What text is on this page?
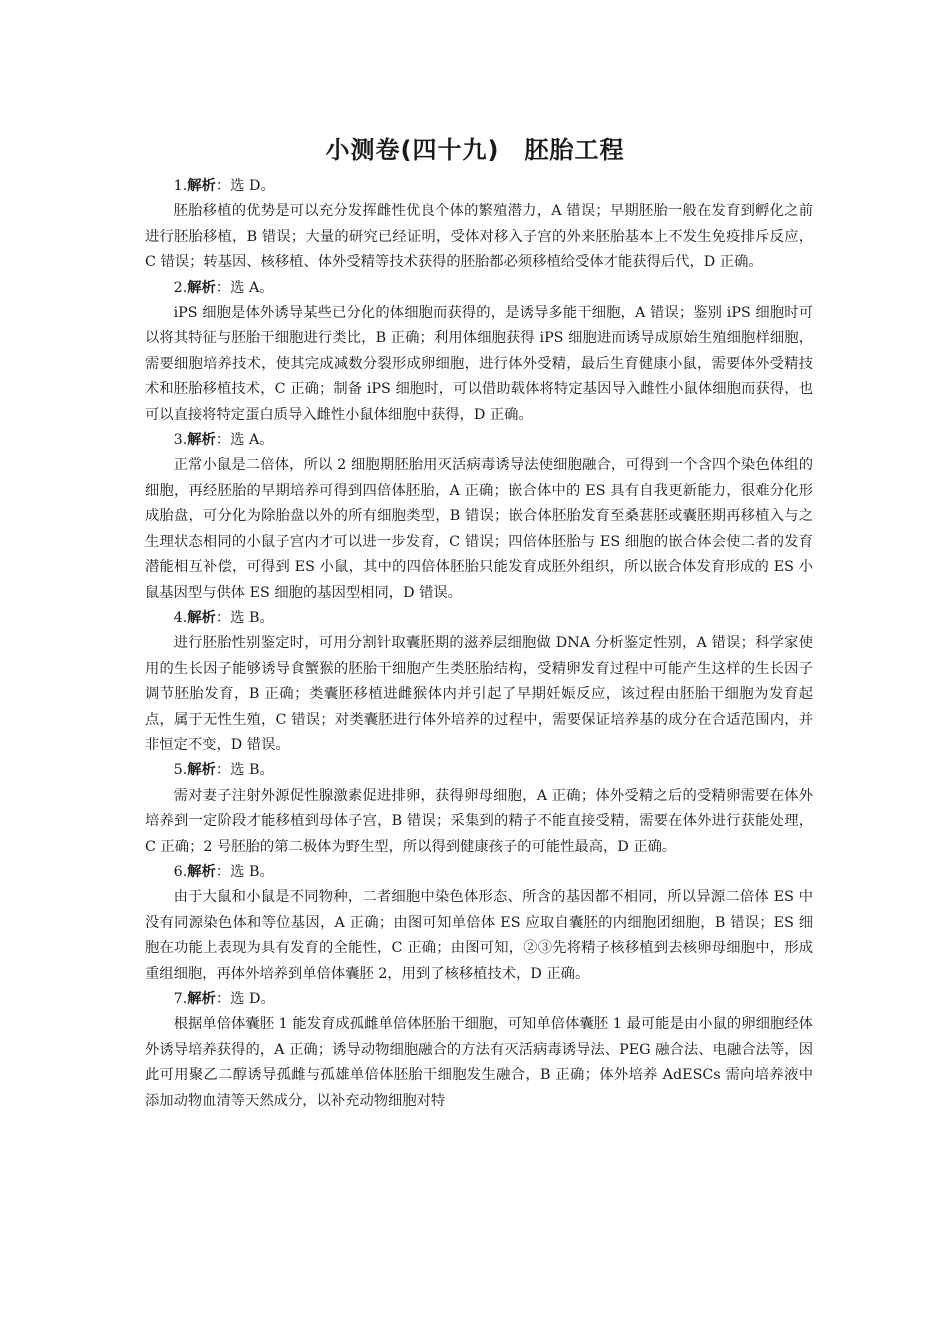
小测卷(四十九)　胚胎工程

1.解析：选 D。

胚胎移植的优势是可以充分发挥雌性优良个体的繁殖潜力，A 错误；早期胚胎一般在发育到孵化之前进行胚胎移植，B 错误；大量的研究已经证明，受体对移入子宫的外来胚胎基本上不发生免疫排斥反应，C 错误；转基因、核移植、体外受精等技术获得的胚胎都必须移植给受体才能获得后代，D 正确。

2.解析：选 A。

iPS 细胞是体外诱导某些已分化的体细胞而获得的，是诱导多能干细胞，A 错误；鉴别 iPS 细胞时可以将其特征与胚胎干细胞进行类比，B 正确；利用体细胞获得 iPS 细胞进而诱导成原始生殖细胞样细胞，需要细胞培养技术，使其完成减数分裂形成卵细胞，进行体外受精，最后生育健康小鼠，需要体外受精技术和胚胎移植技术，C 正确；制备 iPS 细胞时，可以借助载体将特定基因导入雌性小鼠体细胞而获得，也可以直接将特定蛋白质导入雌性小鼠体细胞中获得，D 正确。

3.解析：选 A。

正常小鼠是二倍体，所以 2 细胞期胚胎用灭活病毒诱导法使细胞融合，可得到一个含四个染色体组的细胞，再经胚胎的早期培养可得到四倍体胚胎，A 正确；嵌合体中的 ES 具有自我更新能力，很难分化形成胎盘，可分化为除胎盘以外的所有细胞类型，B 错误；嵌合体胚胎发育至桑葚胚或囊胚期再移植入与之生理状态相同的小鼠子宫内才可以进一步发育，C 错误；四倍体胚胎与 ES 细胞的嵌合体会使二者的发育潜能相互补偿，可得到 ES 小鼠，其中的四倍体胚胎只能发育成胚外组织，所以嵌合体发育形成的 ES 小鼠基因型与供体 ES 细胞的基因型相同，D 错误。

4.解析：选 B。

进行胚胎性别鉴定时，可用分割针取囊胚期的滋养层细胞做 DNA 分析鉴定性别，A 错误；科学家使用的生长因子能够诱导食蟹猴的胚胎干细胞产生类胚胎结构，受精卵发育过程中可能产生这样的生长因子调节胚胎发育，B 正确；类囊胚移植进雌猴体内并引起了早期妊娠反应，该过程由胚胎干细胞为发育起点，属于无性生殖，C 错误；对类囊胚进行体外培养的过程中，需要保证培养基的成分在合适范围内，并非恒定不变，D 错误。

5.解析：选 B。

需对妻子注射外源促性腺激素促进排卵，获得卵母细胞，A 正确；体外受精之后的受精卵需要在体外培养到一定阶段才能移植到母体子宫，B 错误；采集到的精子不能直接受精，需要在体外进行获能处理，C 正确；2 号胚胎的第二极体为野生型，所以得到健康孩子的可能性最高，D 正确。

6.解析：选 B。

由于大鼠和小鼠是不同物种，二者细胞中染色体形态、所含的基因都不相同，所以异源二倍体 ES 中没有同源染色体和等位基因，A 正确；由图可知单倍体 ES 应取自囊胚的内细胞团细胞，B 错误；ES 细胞在功能上表现为具有发育的全能性，C 正确；由图可知，②③先将精子核移植到去核卵母细胞中，形成重组细胞，再体外培养到单倍体囊胚 2，用到了核移植技术，D 正确。

7.解析：选 D。

根据单倍体囊胚 1 能发育成孤雌单倍体胚胎干细胞，可知单倍体囊胚 1 最可能是由小鼠的卵细胞经体外诱导培养获得的，A 正确；诱导动物细胞融合的方法有灭活病毒诱导法、PEG 融合法、电融合法等，因此可用聚乙二醇诱导孤雌与孤雄单倍体胚胎干细胞发生融合，B 正确；体外培养 AdESCs 需向培养液中添加动物血清等天然成分，以补充动物细胞对特
